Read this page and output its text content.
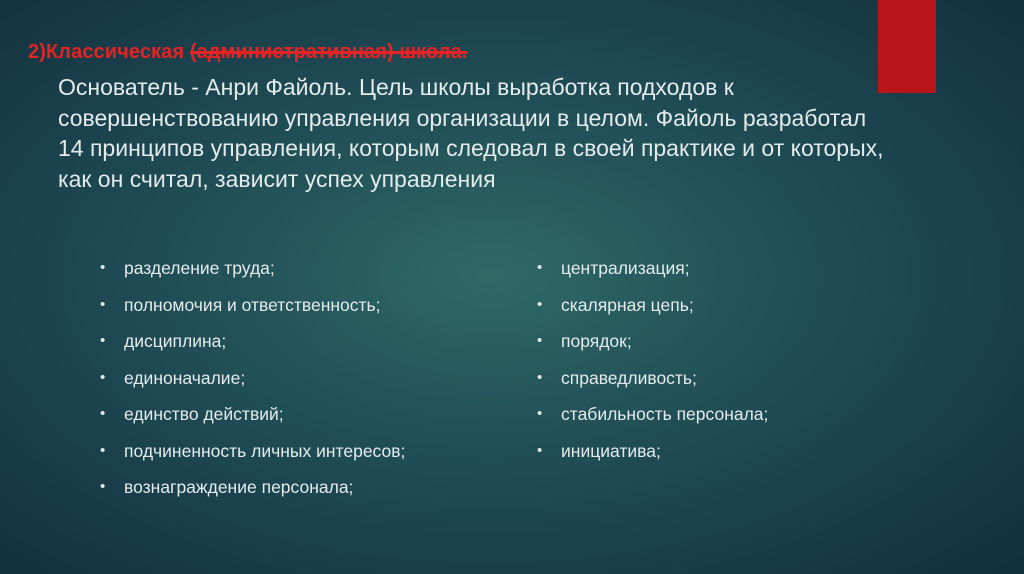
2)Классическая (административная) школа.

Основатель - Анри Файоль. Цель школы выработка подходов к совершенствованию управления организации в целом. Файоль разработал 14 принципов управления, которым следовал в своей практике и от которых, как он считал, зависит успех управления

• разделение труда;
• полномочия и ответственность;
• дисциплина;
• единоначалие;
• единство действий;
• подчиненность личных интересов;
• вознаграждение персонала;
• централизация;
• скалярная цепь;
• порядок;
• справедливость;
• стабильность персонала;
• инициатива;
